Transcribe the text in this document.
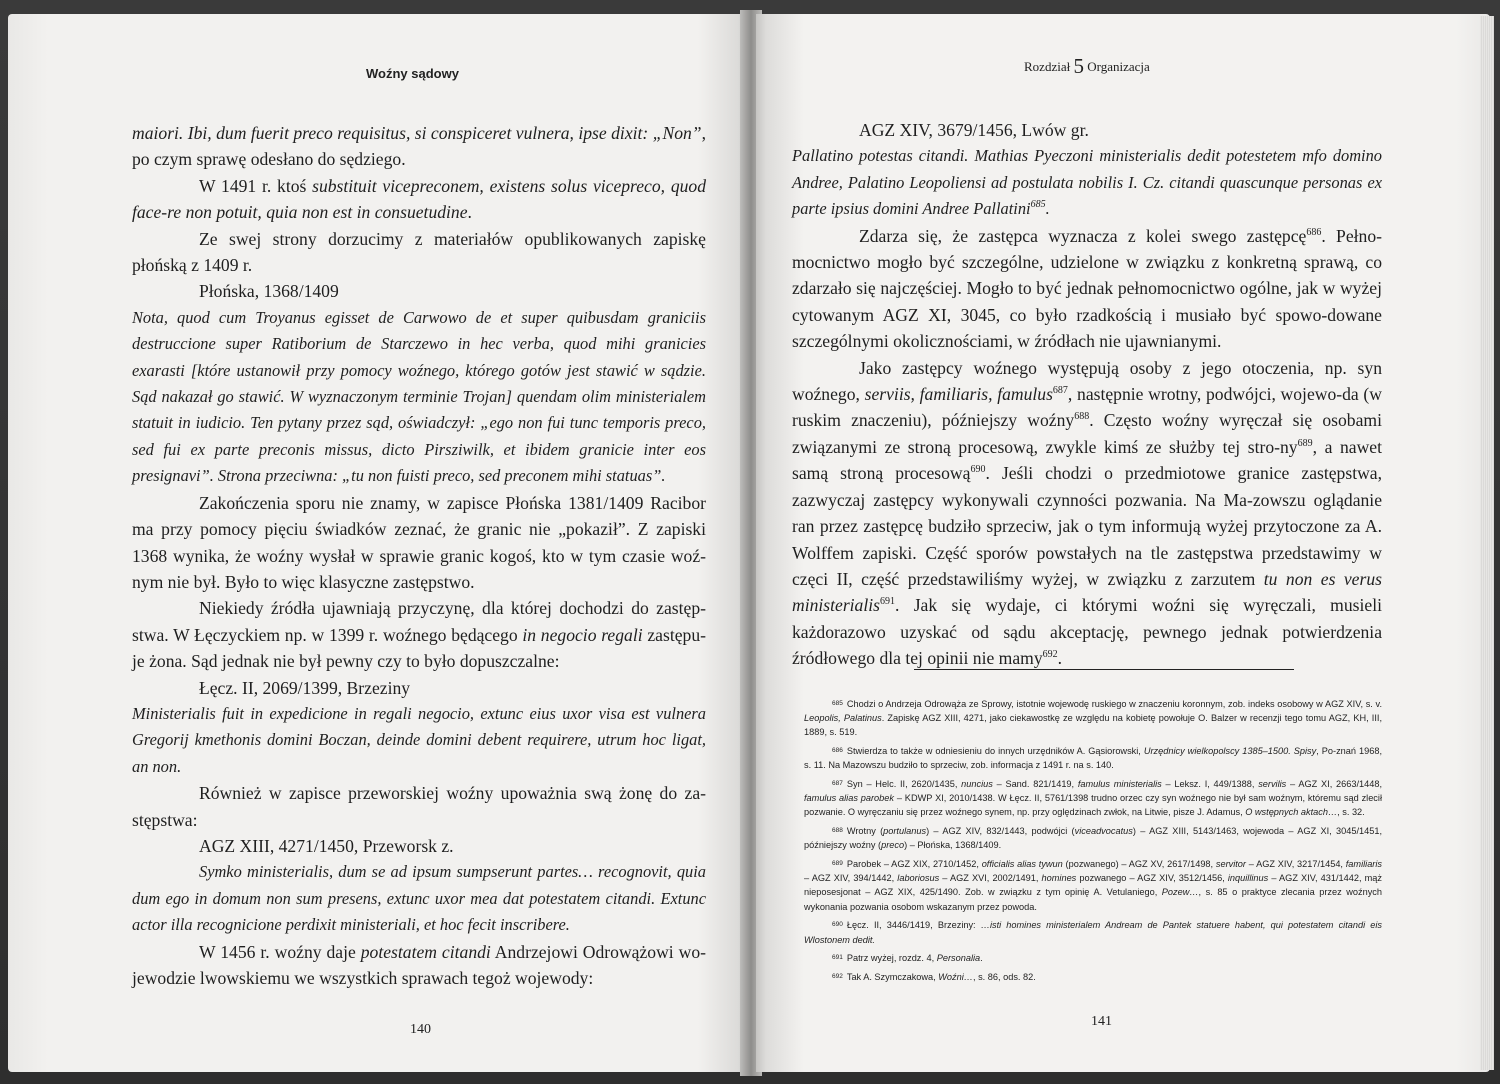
Woźny sądowy

maiori. Ibi, dum fuerit preco requisitus, si conspiceret vulnera, ipse dixit: „Non”, po czym sprawę odesłano do sędziego.

W 1491 r. ktoś substituit vicepreconem, existens solus vicepreco, quod face-re non potuit, quia non est in consuetudine.

Ze swej strony dorzucimy z materiałów opublikowanych zapiskę płońską z 1409 r.

Płońska, 1368/1409

Nota, quod cum Troyanus egisset de Carwowo de et super quibusdam graniciis destruccione super Ratiborium de Starczewo in hec verba, quod mihi granicies exarasti [które ustanowił przy pomocy woźnego, którego gotów jest stawić w sądzie. Sąd nakazał go stawić. W wyznaczonym terminie Trojan] quendam olim ministerialem statuit in iudicio. Ten pytany przez sąd, oświadczył: „ego non fui tunc temporis preco, sed fui ex parte preconis missus, dicto Pirsziwilk, et ibidem granicie inter eos presignavi”. Strona przeciwna: „tu non fuisti preco, sed preconem mihi statuas”.

Zakończenia sporu nie znamy, w zapisce Płońska 1381/1409 Racibor ma przy pomocy pięciu świadków zeznać, że granic nie „pokaził”. Z zapiski 1368 wynika, że woźny wysłał w sprawie granic kogoś, kto w tym czasie woź-nym nie był. Było to więc klasyczne zastępstwo.

Niekiedy źródła ujawniają przyczynę, dla której dochodzi do zastęp-stwa. W Łęczyckiem np. w 1399 r. woźnego będącego in negocio regali zastępu-je żona. Sąd jednak nie był pewny czy to było dopuszczalne:

Łęcz. II, 2069/1399, Brzeziny

Ministerialis fuit in expedicione in regali negocio, extunc eius uxor visa est vulnera Gregorij kmethonis domini Boczan, deinde domini debent requirere, utrum hoc ligat, an non.

Również w zapisce przeworskiej woźny upoważnia swą żonę do za-stępstwa:

AGZ XIII, 4271/1450, Przeworsk z.

Symko ministerialis, dum se ad ipsum sumpserunt partes… recognovit, quia dum ego in domum non sum presens, extunc uxor mea dat potestatem citandi. Extunc actor illa recognicione perdixit ministeriali, et hoc fecit inscribere.

W 1456 r. woźny daje potestatem citandi Andrzejowi Odrowążowi wo-jewodzie lwowskiemu we wszystkich sprawach tegoż wojewody:

140
Rozdział 5 Organizacja

AGZ XIV, 3679/1456, Lwów gr.

Pallatino potestas citandi. Mathias Pyeczoni ministerialis dedit potestetem mfo domino Andree, Palatino Leopoliensi ad postulata nobilis I. Cz. citandi quascunque personas ex parte ipsius domini Andree Pallatini$^{685}$.

Zdarza się, że zastępca wyznacza z kolei swego zastępcę$^{686}$. Pełno-mocnictwo mogło być szczególne, udzielone w związku z konkretną sprawą, co zdarzało się najczęściej. Mogło to być jednak pełnomocnictwo ogólne, jak w wyżej cytowanym AGZ XI, 3045, co było rzadkością i musiało być spowo-dowane szczególnymi okolicznościami, w źródłach nie ujawnianymi.

Jako zastępcy woźnego występują osoby z jego otoczenia, np. syn woźnego, serviis, familiaris, famulus$^{687}$, następnie wrotny, podwójci, wojewo-da (w ruskim znaczeniu), późniejszy woźny$^{688}$. Często woźny wyręczał się osobami związanymi ze stroną procesową, zwykle kimś ze służby tej stro-$ny^{689}$, a nawet samą stroną procesową$^{690}$. Jeśli chodzi o przedmiotowe granice zastępstwa, zazwyczaj zastępcy wykonywali czynności pozwania. Na Ma-zowszu oglądanie ran przez zastępcę budziło sprzeciw, jak o tym informują wyżej przytoczone za A. Wolffem zapiski. Część sporów powstałych na tle zastępstwa przedstawimy w częci II, część przedstawiliśmy wyżej, w związku z zarzutem tu non es verus ministerialis$^{691}$. Jak się wydaje, ci którymi woźni się wyręczali, musieli każdorazowo uzyskać od sądu akceptację, pewnego jednak potwierdzenia źródłowego dla tej opinii nie mamy$^{692}$.

$^{685}$ Chodzi o Andrzeja Odrowąża ze Sprowy, istotnie wojewodę ruskiego w znaczeniu koronnym, zob. indeks osobowy w AGZ XIV, s. v. Leopolis, Palatinus. Zapiskę AGZ XIII, 4271, jako ciekawostkę ze względu na kobietę powołuje O. Balzer w recenzji tego tomu AGZ, KH, III, 1889, s. 519.

$^{686}$ Stwierdza to także w odniesieniu do innych urzędników A. Gąsiorowski, Urzędnicy wielkopolscy 1385–1500. Spisy, Po-znań 1968, s. 11. Na Mazowszu budziło to sprzeciw, zob. informacja z 1491 r. na s. 140.

$^{687}$ Syn – Helc. II, 2620/1435, nuncius – Sand. 821/1419, famulus ministerialis – Leksz. I, 449/1388, servilis – AGZ XI, 2663/1448, famulus alias parobek – KDWP XI, 2010/1438. W Łęcz. II, 5761/1398 trudno orzec czy syn woźnego nie był sam woźnym, któremu sąd zlecił pozwanie. O wyręczaniu się przez woźnego synem, np. przy oględzinach zwłok, na Litwie, pisze J. Adamus, O wstępnych aktach…, s. 32.

$^{688}$ Wrotny (portulanus) – AGZ XIV, 832/1443, podwójci (viceadvocatus) – AGZ XIII, 5143/1463, wojewoda – AGZ XI, 3045/1451, późniejszy woźny (preco) – Płońska, 1368/1409.

$^{689}$ Parobek – AGZ XIX, 2710/1452, officialis alias tywun (pozwanego) – AGZ XV, 2617/1498, servitor – AGZ XIV, 3217/1454, familiaris – AGZ XIV, 394/1442, laboriosus – AGZ XVI, 2002/1491, homines pozwanego – AGZ XIV, 3512/1456, inquillinus – AGZ XIV, 431/1442, mąż nieposesjonat – AGZ XIX, 425/1490. Zob. w związku z tym opinię A. Vetulaniego, Pozew…, s. 85 o praktyce zlecania przez woźnych wykonania pozwania osobom wskazanym przez powoda.

$^{690}$ Łęcz. II, 3446/1419, Brzeziny: …isti homines ministerialem Andream de Pantek statuere habent, qui potestatem citandi eis Wlostonem dedit.

$^{691}$ Patrz wyżej, rozdz. 4, Personalia.

$^{692}$ Tak A. Szymczakowa, Woźni…, s. 86, ods. 82.

141
